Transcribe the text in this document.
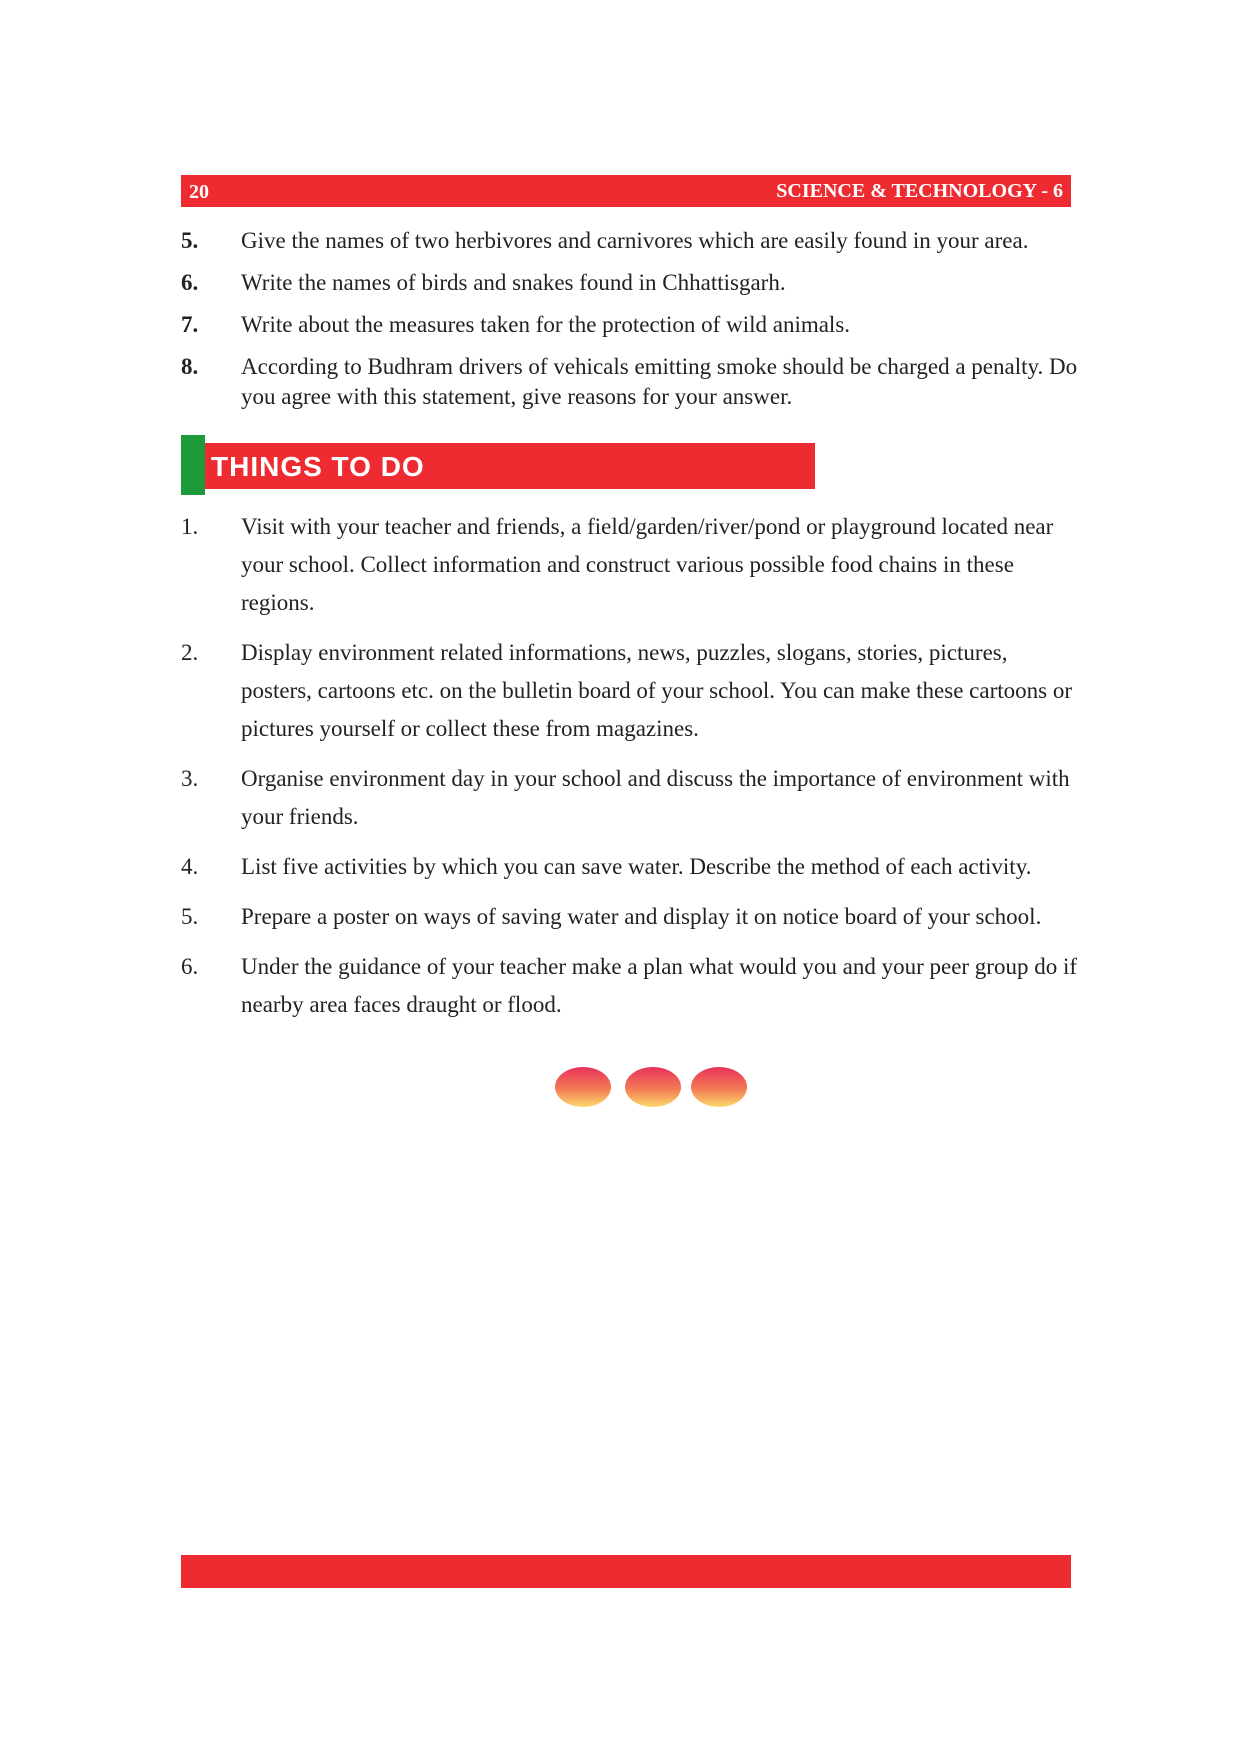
20	SCIENCE & TECHNOLOGY - 6
5. Give the names of two herbivores and carnivores which are easily found in your area.
6. Write the names of birds and snakes found in Chhattisgarh.
7. Write about the measures taken for the protection of wild animals.
8. According to Budhram drivers of vehicals emitting smoke should be charged a penalty. Do you agree with this statement, give reasons for your answer.
THINGS TO DO
1. Visit with your teacher and friends, a field/garden/river/pond or playground located near your school. Collect information and construct various possible food chains in these regions.
2. Display environment related informations, news, puzzles, slogans, stories, pictures, posters, cartoons etc. on the bulletin board of your school. You can make these cartoons or pictures yourself or collect these from magazines.
3. Organise environment day in your school and discuss the importance of environment with your friends.
4. List five activities by which you can save water. Describe the method of each activity.
5. Prepare a poster on ways of saving water and display it on notice board of your school.
6. Under the guidance of your teacher make a plan what would you and your peer group do if nearby area faces draught or flood.
